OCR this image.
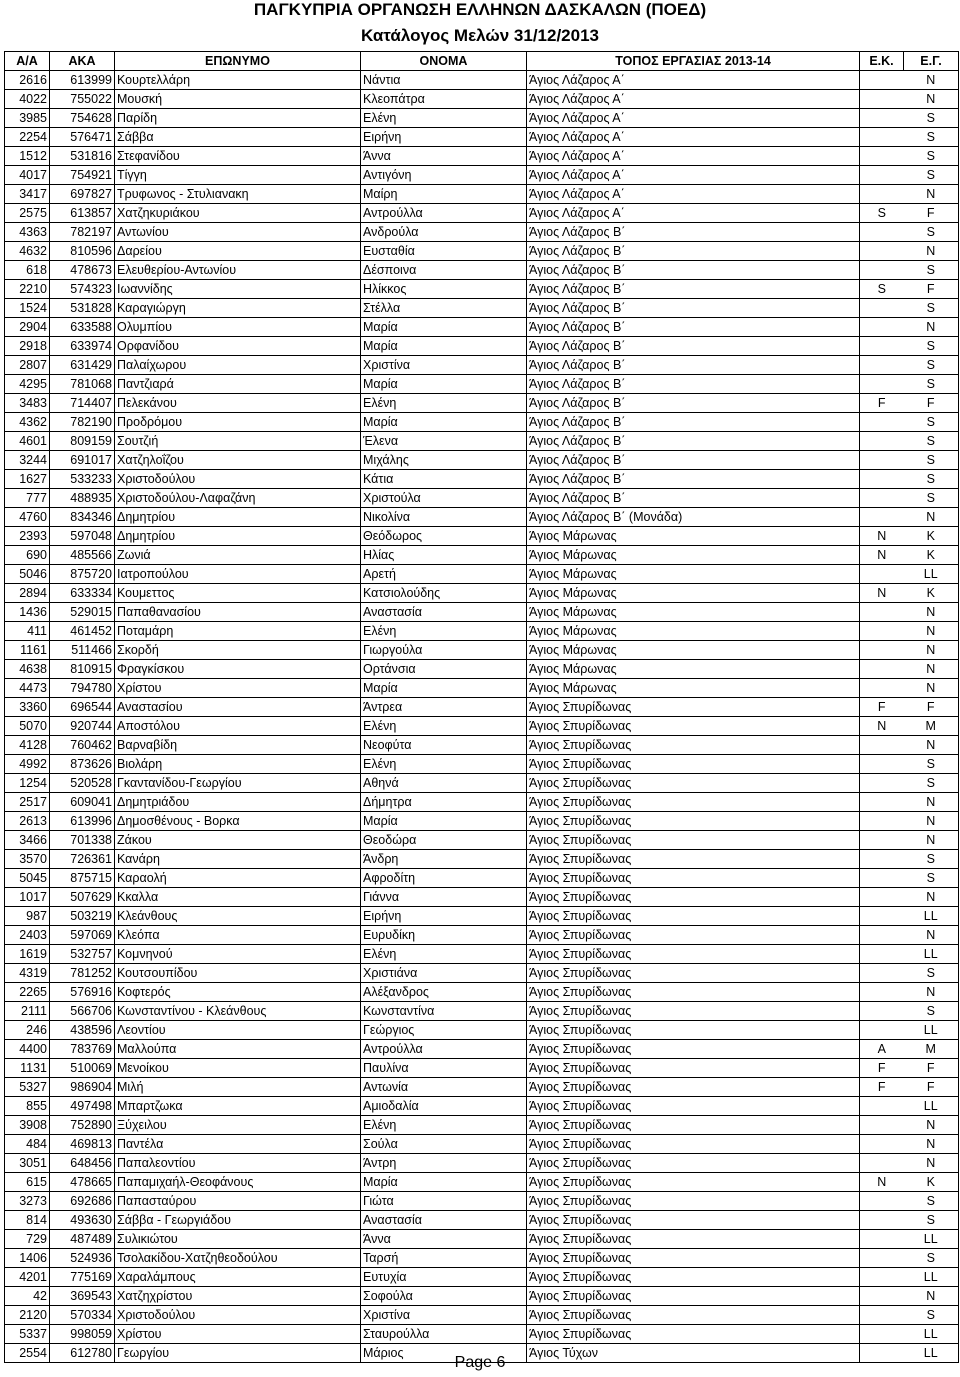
ΠΑΓΚΥΠΡΙΑ ΟΡΓΑΝΩΣΗ ΕΛΛΗΝΩΝ ΔΑΣΚΑΛΩΝ (ΠΟΕΔ)
Κατάλογος Μελών 31/12/2013
Α/Α	ΑΚΑ	ΕΠΩΝΥΜΟ	ΟΝΟΜΑ	ΤΟΠΟΣ ΕΡΓΑΣΙΑΣ 2013-14	Ε.Κ.	Ε.Γ.
2616	613999	Κουρτελλάρη	Νάντια	Άγιος Λάζαρος Α΄		N
4022	755022	Μουσκή	Κλεοπάτρα	Άγιος Λάζαρος Α΄		N
3985	754628	Παρίδη	Ελένη	Άγιος Λάζαρος Α΄		S
2254	576471	Σάββα	Ειρήνη	Άγιος Λάζαρος Α΄		S
1512	531816	Στεφανίδου	Άννα	Άγιος Λάζαρος Α΄		S
4017	754921	Τίγγη	Αντιγόνη	Άγιος Λάζαρος Α΄		S
3417	697827	Τρυφωνος - Στυλιανακη	Μαίρη	Άγιος Λάζαρος Α΄		N
2575	613857	Χατζηκυριάκου	Αντρούλλα	Άγιος Λάζαρος Α΄	S	F
4363	782197	Αντωνίου	Ανδρούλα	Άγιος Λάζαρος Β΄		S
4632	810596	Δαρείου	Ευσταθία	Άγιος Λάζαρος Β΄		N
618	478673	Ελευθερίου-Αντωνίου	Δέσποινα	Άγιος Λάζαρος Β΄		S
2210	574323	Ιωαννίδης	Ηλίκκος	Άγιος Λάζαρος Β΄	S	F
1524	531828	Καραγιώργη	Στέλλα	Άγιος Λάζαρος Β΄		S
2904	633588	Ολυμπίου	Μαρία	Άγιος Λάζαρος Β΄		N
2918	633974	Ορφανίδου	Μαρία	Άγιος Λάζαρος Β΄		S
2807	631429	Παλαίχωρου	Χριστίνα	Άγιος Λάζαρος Β΄		S
4295	781068	Παντζιαρά	Μαρία	Άγιος Λάζαρος Β΄		S
3483	714407	Πελεκάνου	Ελένη	Άγιος Λάζαρος Β΄	F	F
4362	782190	Προδρόμου	Μαρία	Άγιος Λάζαρος Β΄		S
4601	809159	Σουτζιή	Έλενα	Άγιος Λάζαρος Β΄		S
3244	691017	Χατζηλοΐζου	Μιχάλης	Άγιος Λάζαρος Β΄		S
1627	533233	Χριστοδούλου	Κάτια	Άγιος Λάζαρος Β΄		S
777	488935	Χριστοδούλου-Λαφαζάνη	Χριστούλα	Άγιος Λάζαρος Β΄		S
4760	834346	Δημητρίου	Νικολίνα	Άγιος Λάζαρος Β΄ (Μονάδα)		N
2393	597048	Δημητρίου	Θεόδωρος	Άγιος Μάρωνας	N	K
690	485566	Ζωνιά	Ηλίας	Άγιος Μάρωνας	N	K
5046	875720	Ιατροπούλου	Αρετή	Άγιος Μάρωνας		LL
2894	633334	Κουμεττος	Κατσιολούδης	Άγιος Μάρωνας	N	K
1436	529015	Παπαθανασίου	Αναστασία	Άγιος Μάρωνας		N
411	461452	Ποταμάρη	Ελένη	Άγιος Μάρωνας		N
1161	511466	Σκορδή	Γιωργούλα	Άγιος Μάρωνας		N
4638	810915	Φραγκίσκου	Ορτάνσια	Άγιος Μάρωνας		N
4473	794780	Χρίστου	Μαρία	Άγιος Μάρωνας		N
3360	696544	Αναστασίου	Άντρεα	Άγιος Σπυρίδωνας	F	F
5070	920744	Αποστόλου	Ελένη	Άγιος Σπυρίδωνας	N	M
4128	760462	Βαρναβίδη	Νεοφύτα	Άγιος Σπυρίδωνας		N
4992	873626	Βιολάρη	Ελένη	Άγιος Σπυρίδωνας		S
1254	520528	Γκαντανίδου-Γεωργίου	Αθηνά	Άγιος Σπυρίδωνας		S
2517	609041	Δημητριάδου	Δήμητρα	Άγιος Σπυρίδωνας		N
2613	613996	Δημοσθένους - Βορκα	Μαρία	Άγιος Σπυρίδωνας		N
3466	701338	Ζάκου	Θεοδώρα	Άγιος Σπυρίδωνας		N
3570	726361	Κανάρη	Άνδρη	Άγιος Σπυρίδωνας		S
5045	875715	Καραολή	Αφροδίτη	Άγιος Σπυρίδωνας		S
1017	507629	Κκαλλα	Γιάννα	Άγιος Σπυρίδωνας		N
987	503219	Κλεάνθους	Ειρήνη	Άγιος Σπυρίδωνας		LL
2403	597069	Κλεόπα	Ευρυδίκη	Άγιος Σπυρίδωνας		N
1619	532757	Κομνηνού	Ελένη	Άγιος Σπυρίδωνας		LL
4319	781252	Κουτσουπίδου	Χριστιάνα	Άγιος Σπυρίδωνας		S
2265	576916	Κοφτερός	Αλέξανδρος	Άγιος Σπυρίδωνας		N
2111	566706	Κωνσταντίνου - Κλεάνθους	Κωνσταντίνα	Άγιος Σπυρίδωνας		S
246	438596	Λεοντίου	Γεώργιος	Άγιος Σπυρίδωνας		LL
4400	783769	Μαλλούπα	Αντρούλλα	Άγιος Σπυρίδωνας	A	M
1131	510069	Μενοίκου	Παυλίνα	Άγιος Σπυρίδωνας	F	F
5327	986904	Μιλή	Αντωνία	Άγιος Σπυρίδωνας	F	F
855	497498	Μπαρτζωκα	Αμιοδαλία	Άγιος Σπυρίδωνας		LL
3908	752890	Ξύχειλου	Ελένη	Άγιος Σπυρίδωνας		N
484	469813	Παντέλα	Σούλα	Άγιος Σπυρίδωνας		N
3051	648456	Παπαλεοντίου	Άντρη	Άγιος Σπυρίδωνας		N
615	478665	Παπαμιχαήλ-Θεοφάνους	Μαρία	Άγιος Σπυρίδωνας	N	K
3273	692686	Παπασταύρου	Γιώτα	Άγιος Σπυρίδωνας		S
814	493630	Σάββα - Γεωργιάδου	Αναστασία	Άγιος Σπυρίδωνας		S
729	487489	Συλικιώτου	Άννα	Άγιος Σπυρίδωνας		LL
1406	524936	Τσολακίδου-Χατζηθεοδούλου	Ταρσή	Άγιος Σπυρίδωνας		S
4201	775169	Χαραλάμπους	Ευτυχία	Άγιος Σπυρίδωνας		LL
42	369543	Χατζηχρίστου	Σοφούλα	Άγιος Σπυρίδωνας		N
2120	570334	Χριστοδούλου	Χριστίνα	Άγιος Σπυρίδωνας		S
5337	998059	Χρίστου	Σταυρούλλα	Άγιος Σπυρίδωνας		LL
2554	612780	Γεωργίου	Μάριος	Άγιος Τύχων		LL
Page 6
